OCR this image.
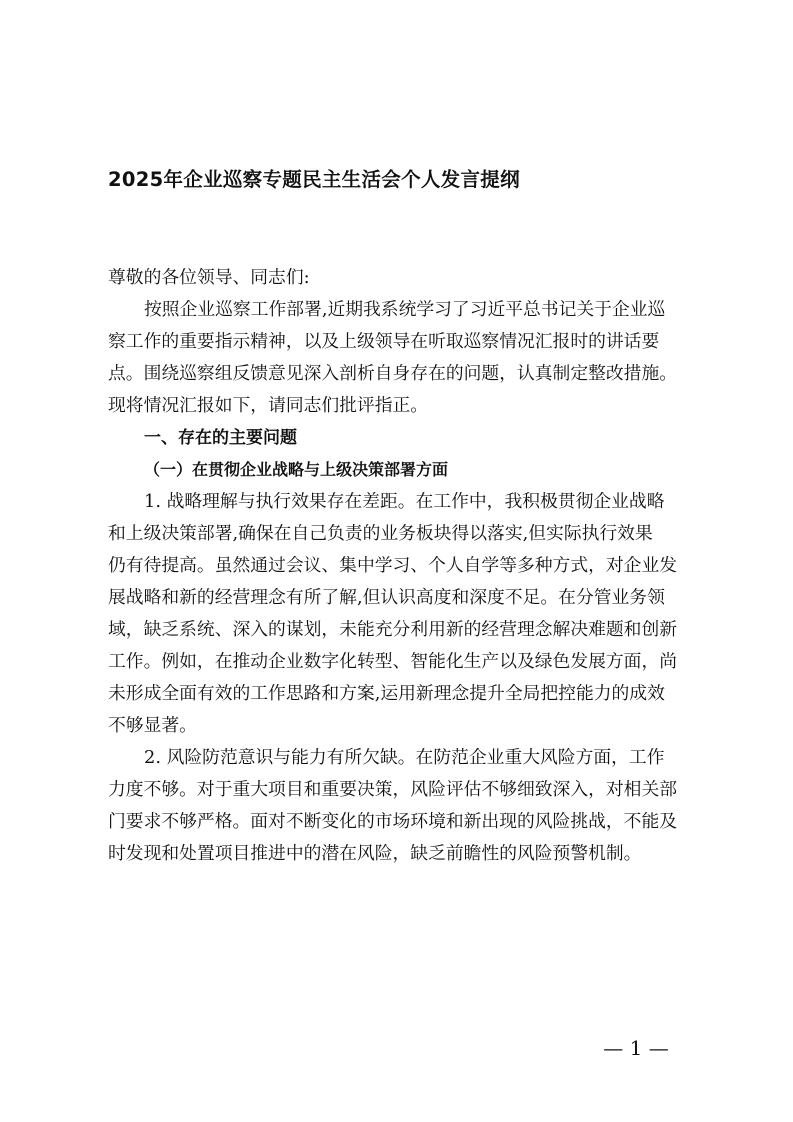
2025年企业巡察专题民主生活会个人发言提纲
尊敬的各位领导、同志们:
按照企业巡察工作部署,近期我系统学习了习近平总书记关于企业巡
察工作的重要指示精神，以及上级领导在听取巡察情况汇报时的讲话要
点。围绕巡察组反馈意见深入剖析自身存在的问题，认真制定整改措施。
现将情况汇报如下，请同志们批评指正。
一、存在的主要问题
（一）在贯彻企业战略与上级决策部署方面
1. 战略理解与执行效果存在差距。在工作中，我积极贯彻企业战略
和上级决策部署,确保在自己负责的业务板块得以落实,但实际执行效果
仍有待提高。虽然通过会议、集中学习、个人自学等多种方式，对企业发
展战略和新的经营理念有所了解,但认识高度和深度不足。在分管业务领
域，缺乏系统、深入的谋划，未能充分利用新的经营理念解决难题和创新
工作。例如，在推动企业数字化转型、智能化生产以及绿色发展方面，尚
未形成全面有效的工作思路和方案,运用新理念提升全局把控能力的成效
不够显著。
2. 风险防范意识与能力有所欠缺。在防范企业重大风险方面，工作
力度不够。对于重大项目和重要决策，风险评估不够细致深入，对相关部
门要求不够严格。面对不断变化的市场环境和新出现的风险挑战，不能及
时发现和处置项目推进中的潜在风险，缺乏前瞻性的风险预警机制。
— 1 —
